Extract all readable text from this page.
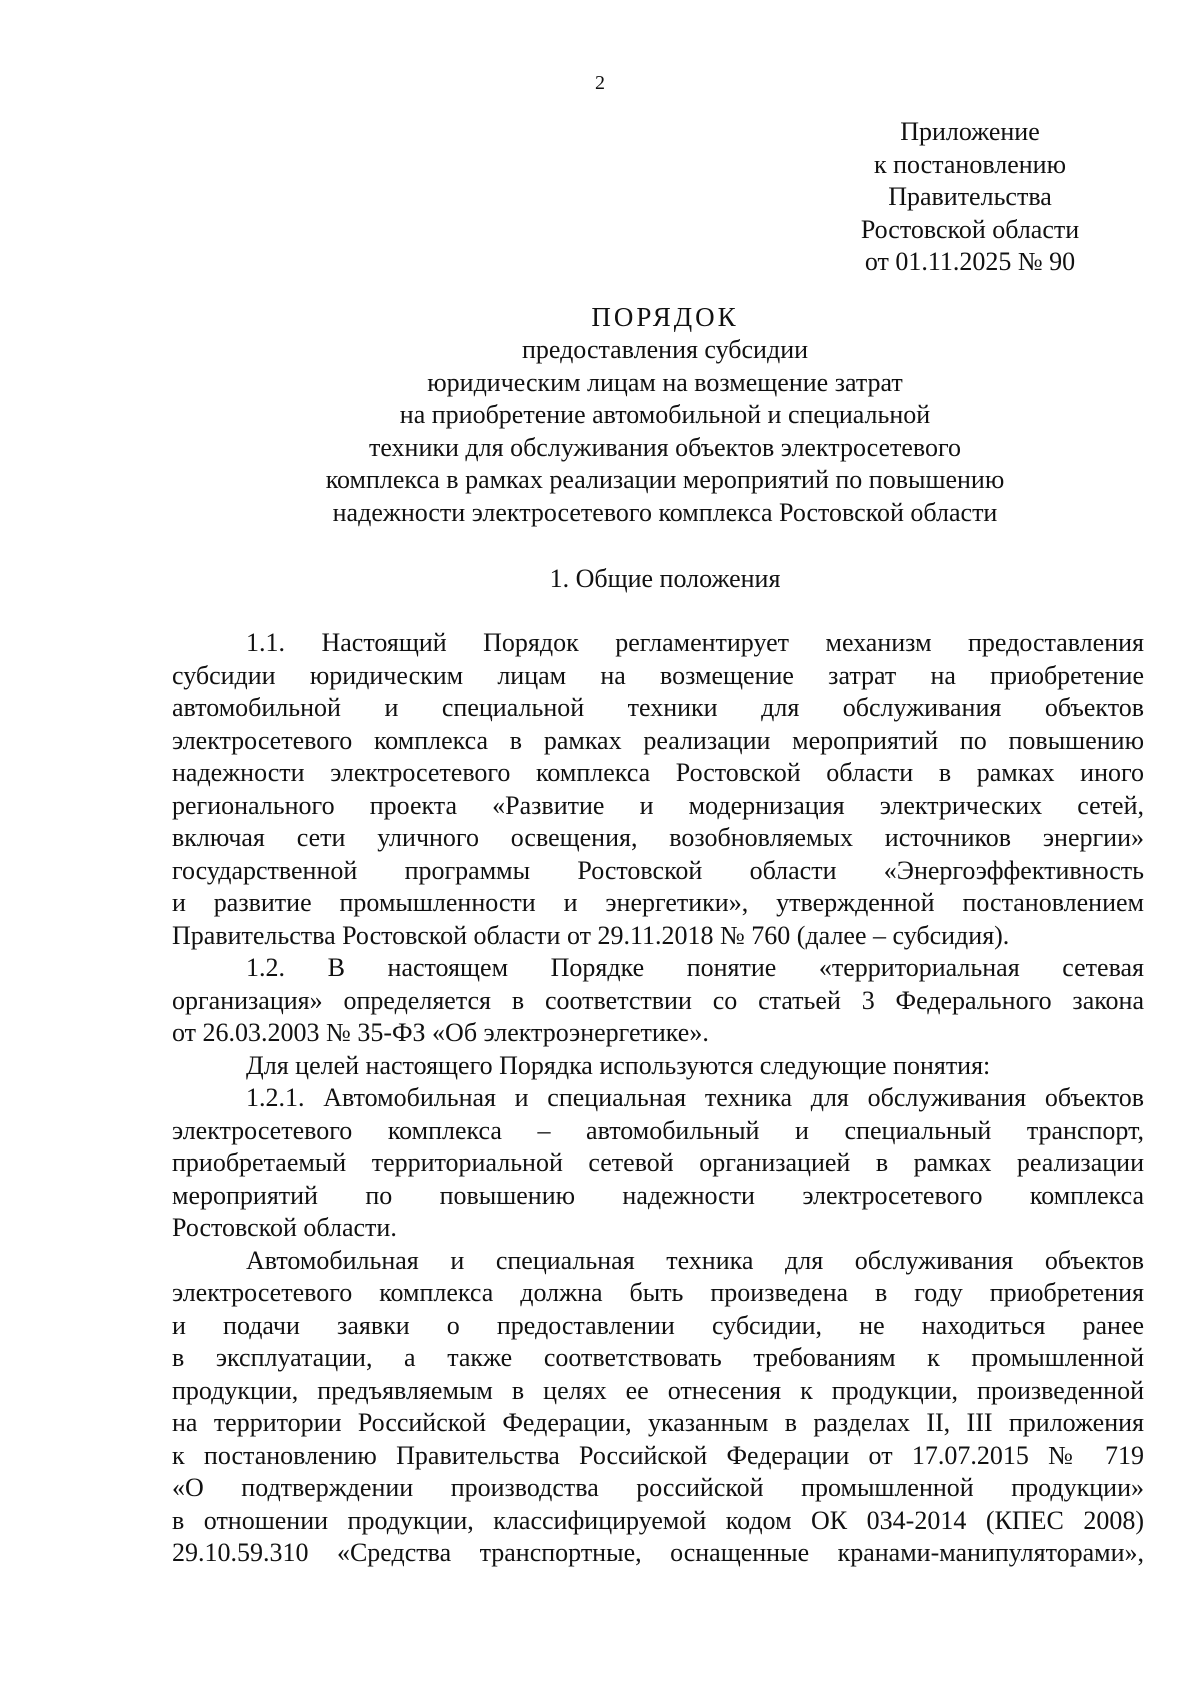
2
Приложение
к постановлению
Правительства
Ростовской области
от 01.11.2025 № 90
ПОРЯДОК
предоставления субсидии
юридическим лицам на возмещение затрат
на приобретение автомобильной и специальной
техники для обслуживания объектов электросетевого
комплекса в рамках реализации мероприятий по повышению
надежности электросетевого комплекса Ростовской области
1. Общие положения
1.1. Настоящий Порядок регламентирует механизм предоставления
субсидии юридическим лицам на возмещение затрат на приобретение
автомобильной и специальной техники для обслуживания объектов
электросетевого комплекса в рамках реализации мероприятий по повышению
надежности электросетевого комплекса Ростовской области в рамках иного
регионального проекта «Развитие и модернизация электрических сетей,
включая сети уличного освещения, возобновляемых источников энергии»
государственной программы Ростовской области «Энергоэффективность
и развитие промышленности и энергетики», утвержденной постановлением
Правительства Ростовской области от 29.11.2018 № 760 (далее – субсидия).
1.2. В настоящем Порядке понятие «территориальная сетевая
организация» определяется в соответствии со статьей 3 Федерального закона
от 26.03.2003 № 35-ФЗ «Об электроэнергетике».
Для целей настоящего Порядка используются следующие понятия:
1.2.1. Автомобильная и специальная техника для обслуживания объектов
электросетевого комплекса – автомобильный и специальный транспорт,
приобретаемый территориальной сетевой организацией в рамках реализации
мероприятий по повышению надежности электросетевого комплекса
Ростовской области.
Автомобильная и специальная техника для обслуживания объектов
электросетевого комплекса должна быть произведена в году приобретения
и подачи заявки о предоставлении субсидии, не находиться ранее
в эксплуатации, а также соответствовать требованиям к промышленной
продукции, предъявляемым в целях ее отнесения к продукции, произведенной
на территории Российской Федерации, указанным в разделах II, III приложения
к постановлению Правительства Российской Федерации от 17.07.2015 № 719
«О подтверждении производства российской промышленной продукции»
в отношении продукции, классифицируемой кодом ОК 034-2014 (КПЕС 2008)
29.10.59.310 «Средства транспортные, оснащенные кранами-манипуляторами»,
